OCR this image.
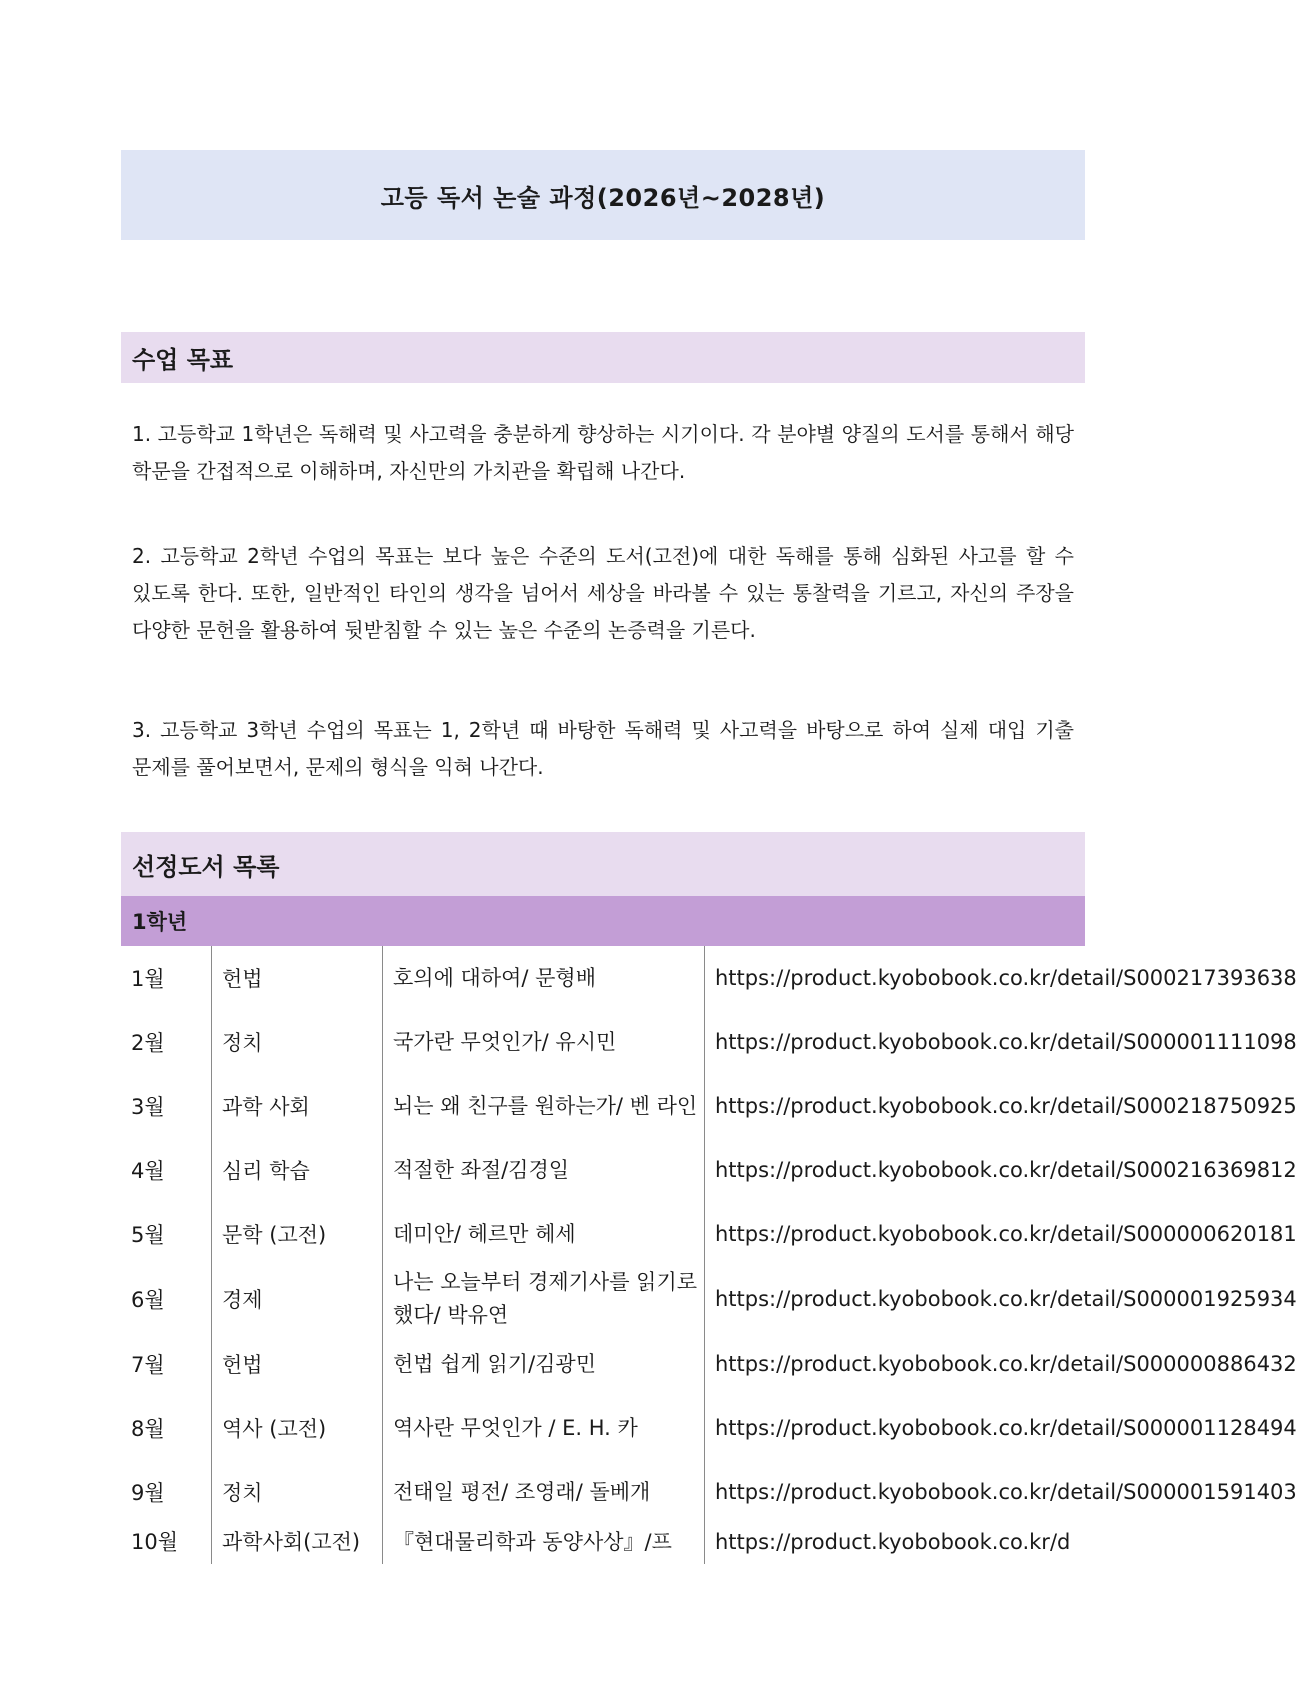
고등 독서 논술 과정(2026년~2028년)
수업 목표
1. 고등학교 1학년은 독해력 및 사고력을 충분하게 향상하는 시기이다. 각 분야별 양질의 도서를 통해서 해당 학문을 간접적으로 이해하며, 자신만의 가치관을 확립해 나간다.
2. 고등학교 2학년 수업의 목표는 보다 높은 수준의 도서(고전)에 대한 독해를 통해 심화된 사고를 할 수 있도록 한다. 또한, 일반적인 타인의 생각을 넘어서 세상을 바라볼 수 있는 통찰력을 기르고, 자신의 주장을 다양한 문헌을 활용하여 뒷받침할 수 있는 높은 수준의 논증력을 기른다.
3. 고등학교 3학년 수업의 목표는 1, 2학년 때 바탕한 독해력 및 사고력을 바탕으로 하여 실제 대입 기출 문제를 풀어보면서, 문제의 형식을 익혀 나간다.
선정도서 목록
1학년
1월	헌법	호의에 대하여/ 문형배	https://product.kyobobook.co.kr/detail/S000217393638
2월	정치	국가란 무엇인가/ 유시민	https://product.kyobobook.co.kr/detail/S000001111098
3월	과학 사회	뇌는 왜 친구를 원하는가/ 벤 라인	https://product.kyobobook.co.kr/detail/S000218750925
4월	심리 학습	적절한 좌절/김경일	https://product.kyobobook.co.kr/detail/S000216369812
5월	문학 (고전)	데미안/ 헤르만 헤세	https://product.kyobobook.co.kr/detail/S000000620181
6월	경제	나는 오늘부터 경제기사를 읽기로 했다/ 박유연	https://product.kyobobook.co.kr/detail/S000001925934
7월	헌법	헌법 쉽게 읽기/김광민	https://product.kyobobook.co.kr/detail/S000000886432
8월	역사 (고전)	역사란 무엇인가 / E. H. 카	https://product.kyobobook.co.kr/detail/S000001128494
9월	정치	전태일 평전/ 조영래/ 돌베개	https://product.kyobobook.co.kr/detail/S000001591403
10월	과학사회(고전)	『현대물리학과 동양사상』/프	https://product.kyobobook.co.kr/d
